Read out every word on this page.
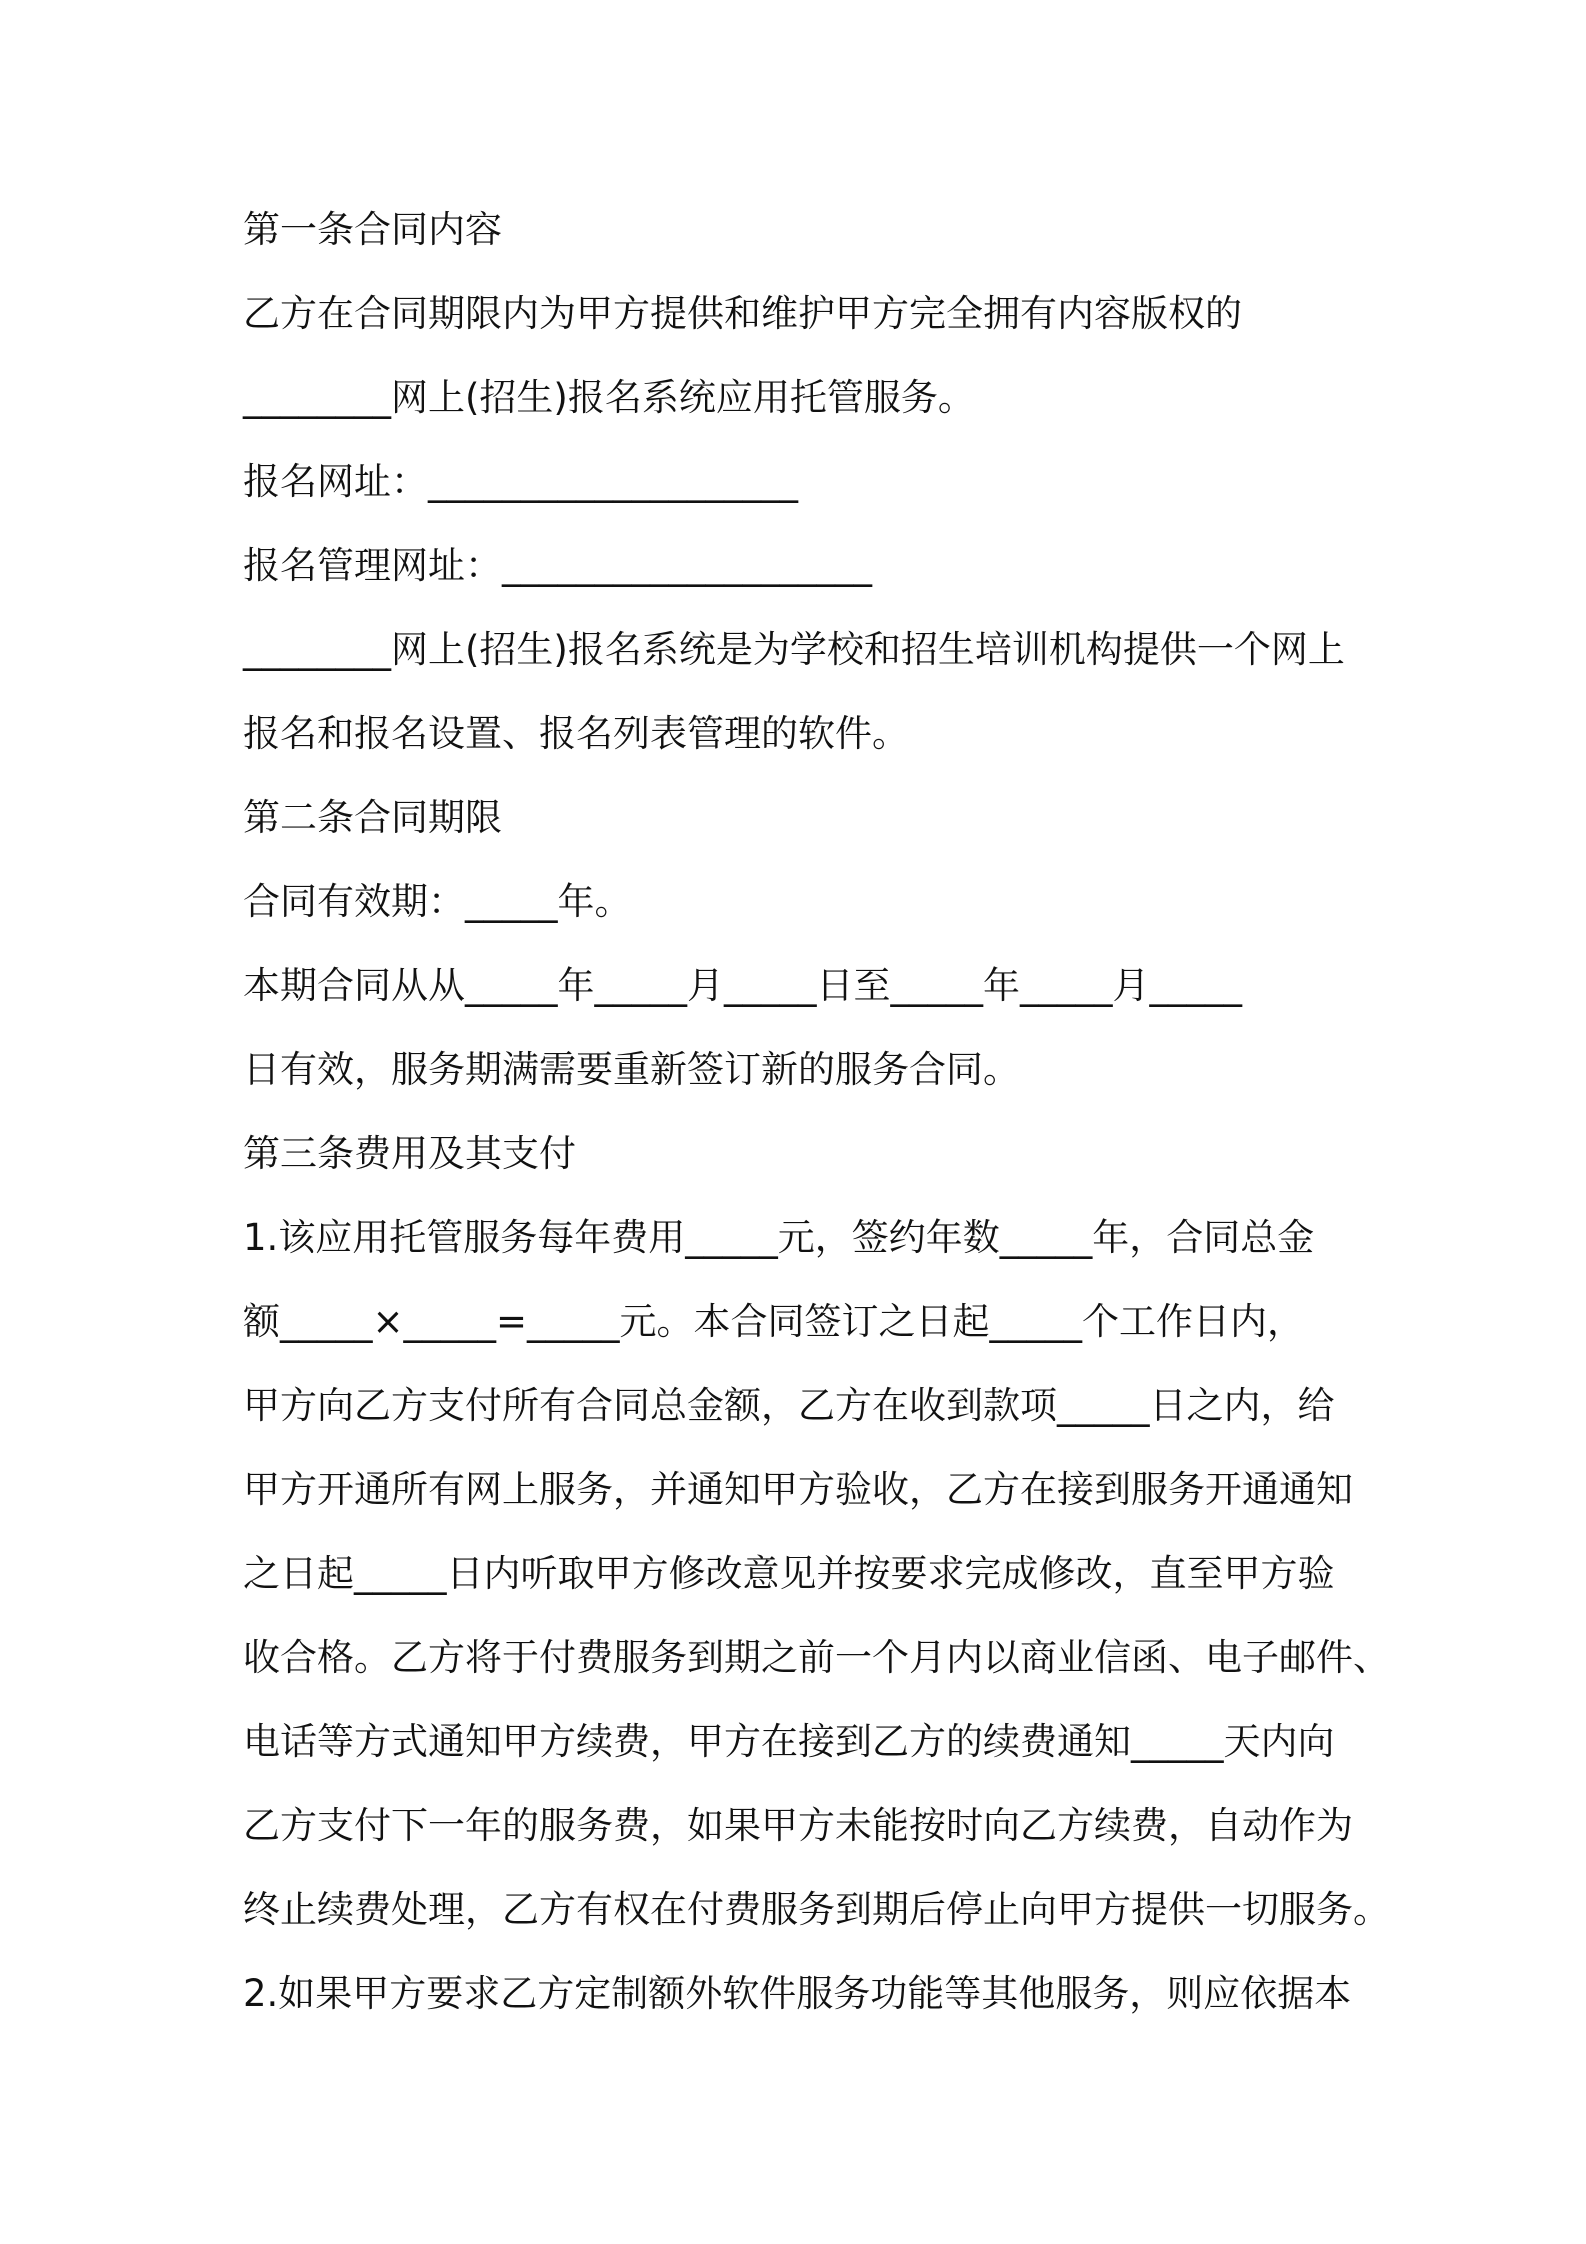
第一条合同内容
乙方在合同期限内为甲方提供和维护甲方完全拥有内容版权的
________网上(招生)报名系统应用托管服务。
报名网址：____________________
报名管理网址：____________________
________网上(招生)报名系统是为学校和招生培训机构提供一个网上
报名和报名设置、报名列表管理的软件。
第二条合同期限
合同有效期：_____年。
本期合同从从_____年_____月_____日至_____年_____月_____
日有效，服务期满需要重新签订新的服务合同。
第三条费用及其支付
1.该应用托管服务每年费用_____元，签约年数_____年，合同总金
额_____×_____=_____元。本合同签订之日起_____个工作日内，
甲方向乙方支付所有合同总金额，乙方在收到款项_____日之内，给
甲方开通所有网上服务，并通知甲方验收，乙方在接到服务开通通知
之日起_____日内听取甲方修改意见并按要求完成修改，直至甲方验
收合格。乙方将于付费服务到期之前一个月内以商业信函、电子邮件、
电话等方式通知甲方续费，甲方在接到乙方的续费通知_____天内向
乙方支付下一年的服务费，如果甲方未能按时向乙方续费，自动作为
终止续费处理，乙方有权在付费服务到期后停止向甲方提供一切服务。
2.如果甲方要求乙方定制额外软件服务功能等其他服务，则应依据本
